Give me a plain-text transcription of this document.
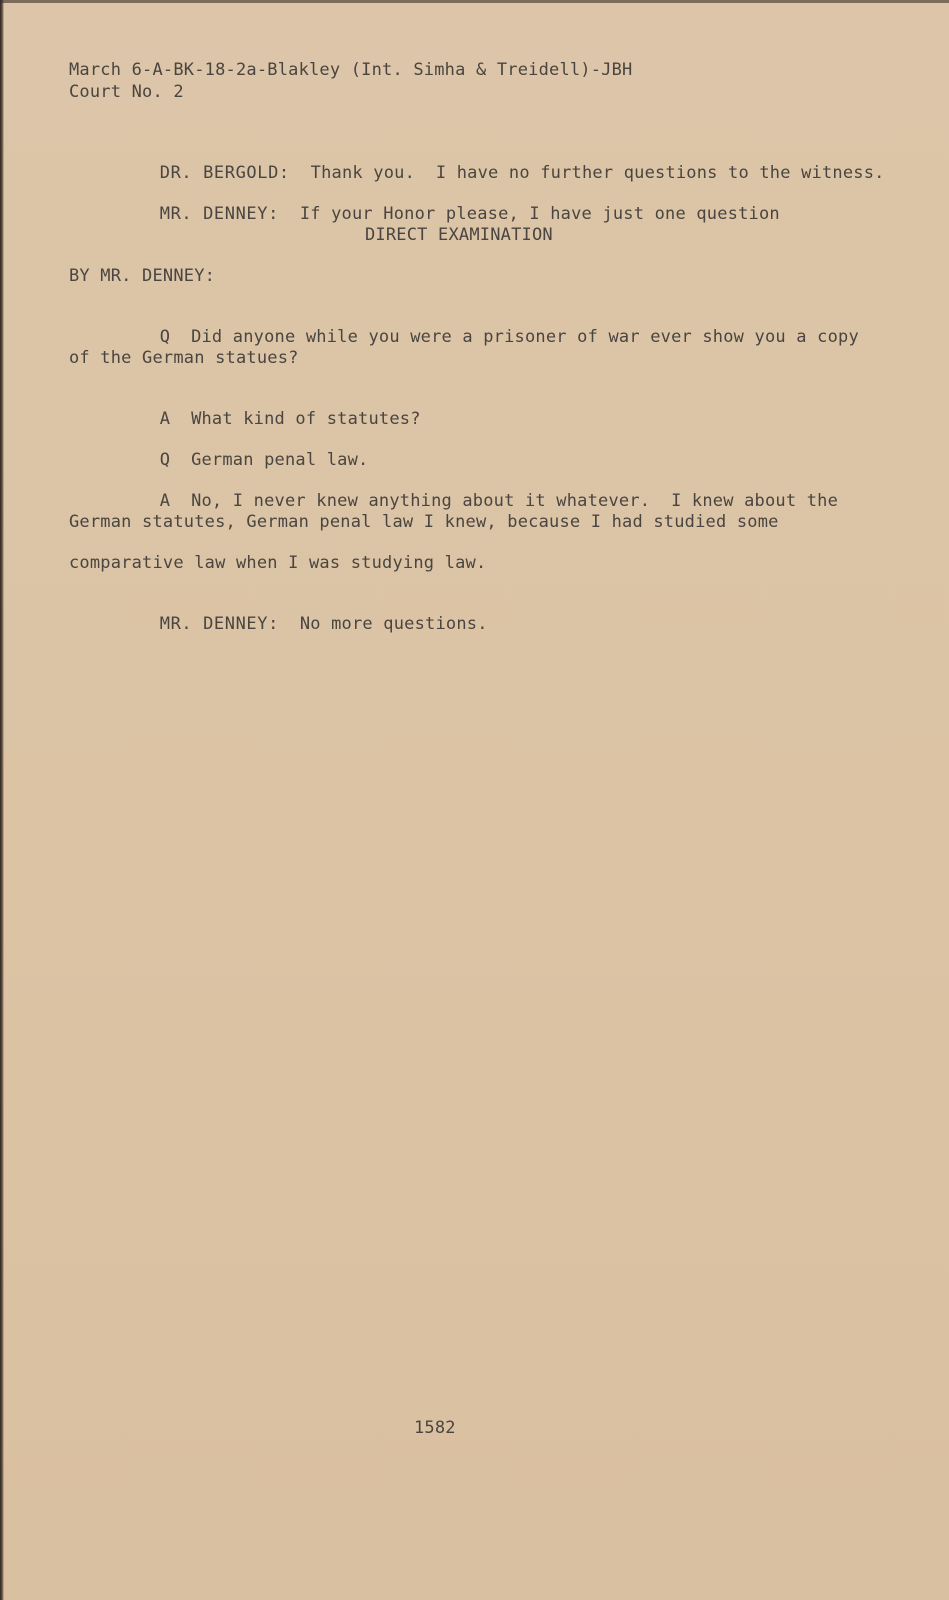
March 6-A-BK-18-2a-Blakley (Int. Simha & Treidell)-JBH
Court No. 2

DR. BERGOLD: Thank you.  I have no further questions to the witness.

MR. DENNEY: If your Honor please, I have just one question

DIRECT EXAMINATION
BY MR. DENNEY:

Q Did anyone while you were a prisoner of war ever show you a copy

of the German statues?

A What kind of statutes?

Q German penal law.

A No, I never knew anything about it whatever.  I knew about the

German statutes, German penal law I knew, because I had studied some
comparative law when I was studying law.

MR. DENNEY: No more questions.

1582
